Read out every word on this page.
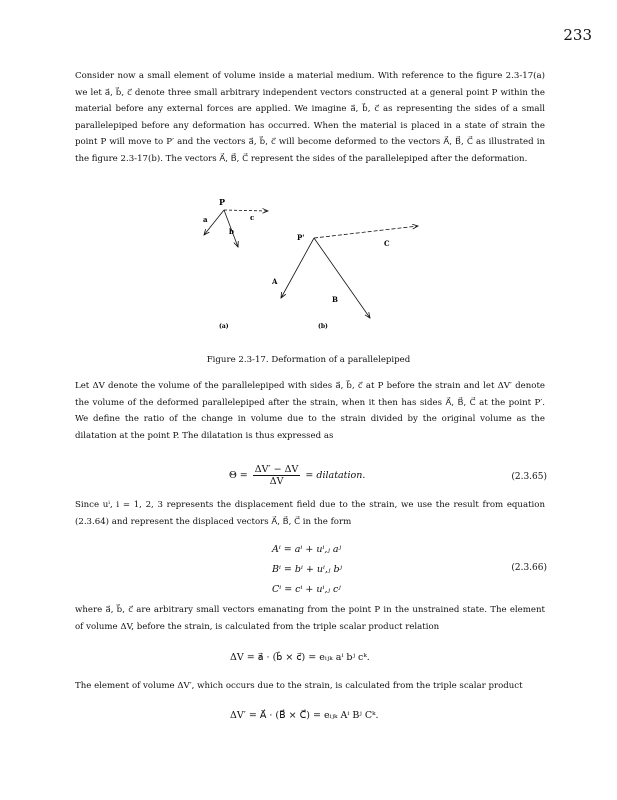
233

Consider now a small element of volume inside a material medium. With reference to the figure 2.3-17(a) we let a⃗, b⃗, c⃗ denote three small arbitrary independent vectors constructed at a general point P within the material before any external forces are applied. We imagine a⃗, b⃗, c⃗ as representing the sides of a small parallelepiped before any deformation has occurred. When the material is placed in a state of strain the point P will move to P′ and the vectors a⃗, b⃗, c⃗ will become deformed to the vectors A⃗, B⃗, C⃗ as illustrated in the figure 2.3-17(b). The vectors A⃗, B⃗, C⃗ represent the sides of the parallelepiped after the deformation.

P
a
b
c
P'
A
B
C
(a)	(b)
Figure 2.3-17. Deformation of a parallelepiped

Let ΔV denote the volume of the parallelepiped with sides a⃗, b⃗, c⃗ at P before the strain and let ΔV′ denote the volume of the deformed parallelepiped after the strain, when it then has sides A⃗, B⃗, C⃗ at the point P′. We define the ratio of the change in volume due to the strain divided by the original volume as the dilatation at the point P. The dilatation is thus expressed as

$\Theta = \frac{\Delta V' - \Delta V}{\Delta V}$ = dilatation.	(2.3.65)

Since uⁱ, i = 1, 2, 3 represents the displacement field due to the strain, we use the result from equation (2.3.64) and represent the displaced vectors A⃗, B⃗, C⃗ in the form

Aⁱ = aⁱ + uⁱ,ⱼ aʲ
Bⁱ = bⁱ + uⁱ,ⱼ bʲ
Cⁱ = cⁱ + uⁱ,ⱼ cʲ
(2.3.66)

where a⃗, b⃗, c⃗ are arbitrary small vectors emanating from the point P in the unstrained state. The element of volume ΔV, before the strain, is calculated from the triple scalar product relation

ΔV = a⃗ · (b⃗ × c⃗) = eᵢⱼₖ aⁱ bʲ cᵏ.

The element of volume ΔV′, which occurs due to the strain, is calculated from the triple scalar product

ΔV′ = A⃗ · (B⃗ × C⃗) = eᵢⱼₖ Aⁱ Bʲ Cᵏ.
